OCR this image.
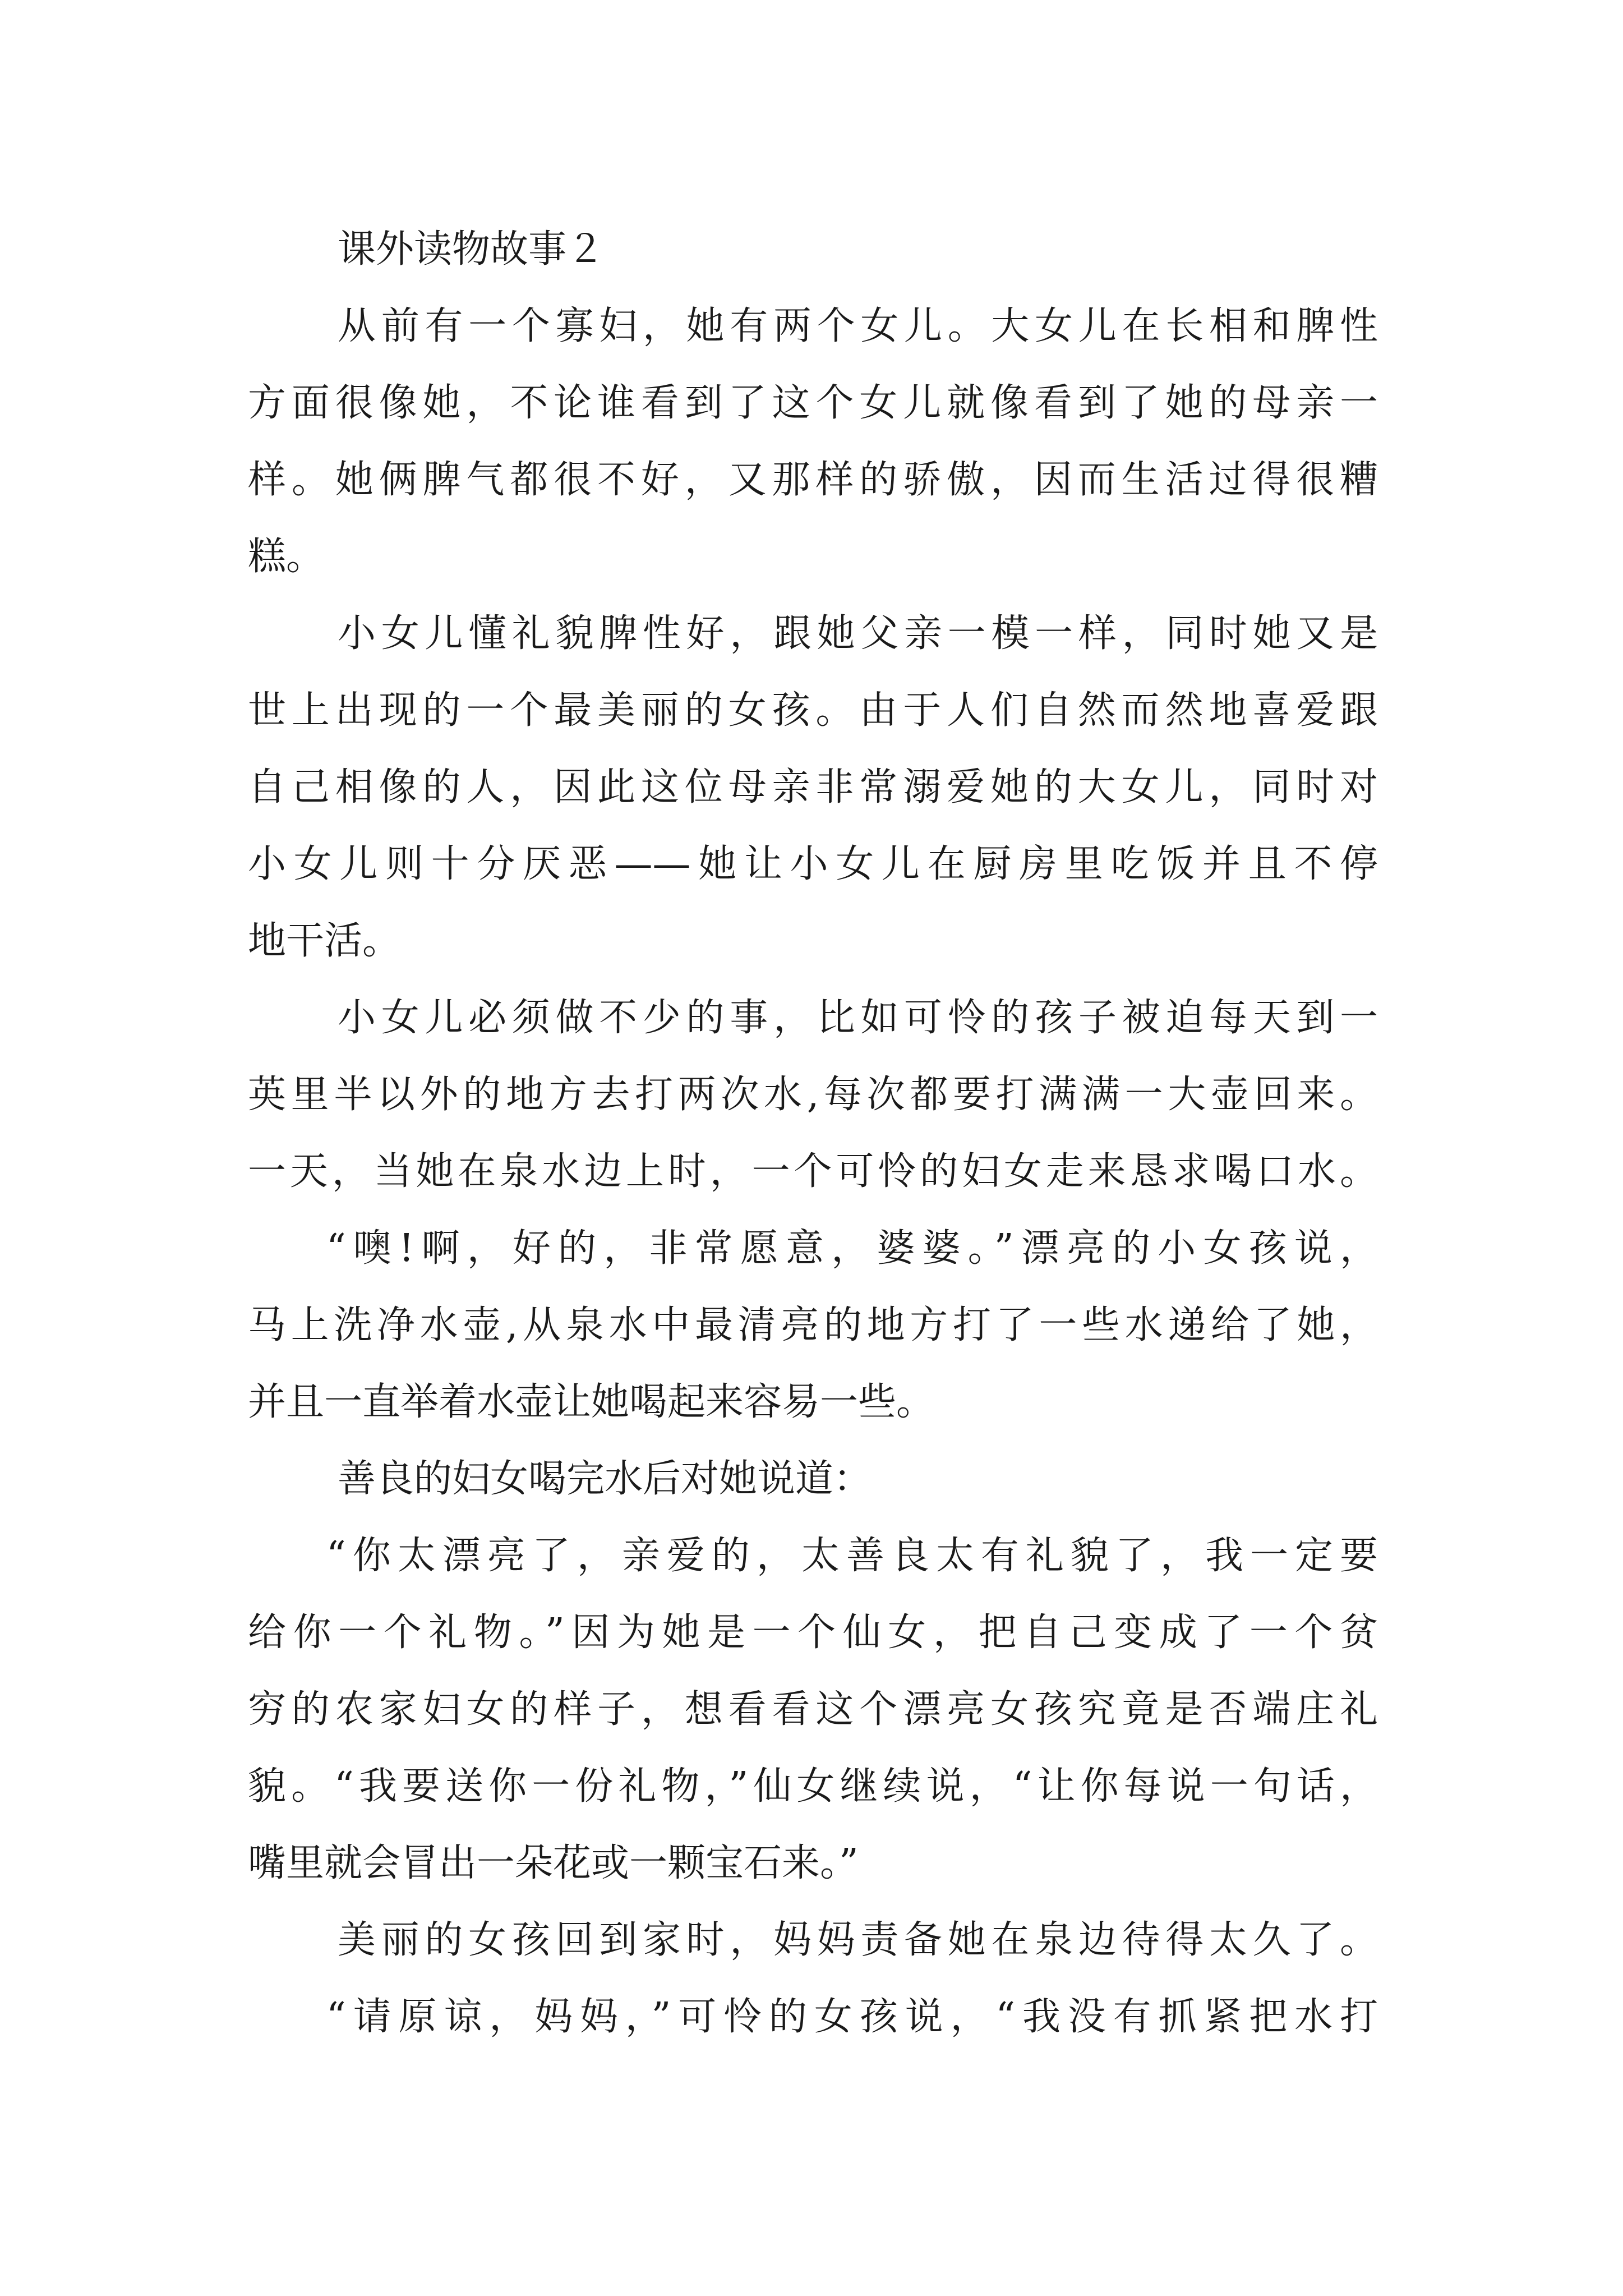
课外读物故事２
从前有一个寡妇，她有两个女儿。大女儿在长相和脾性
方面很像她，不论谁看到了这个女儿就像看到了她的母亲一
样。她俩脾气都很不好，又那样的骄傲，因而生活过得很糟
糕。
小女儿懂礼貌脾性好，跟她父亲一模一样，同时她又是
世上出现的一个最美丽的女孩。由于人们自然而然地喜爱跟
自己相像的人，因此这位母亲非常溺爱她的大女儿，同时对
小女儿则十分厌恶——她让小女儿在厨房里吃饭并且不停
地干活。
小女儿必须做不少的事，比如可怜的孩子被迫每天到一
英里半以外的地方去打两次水,每次都要打满满一大壶回来。
一天，当她在泉水边上时，一个可怜的妇女走来恳求喝口水。
“噢!啊，好的，非常愿意，婆婆。”漂亮的小女孩说，
马上洗净水壶,从泉水中最清亮的地方打了一些水递给了她，
并且一直举着水壶让她喝起来容易一些。
善良的妇女喝完水后对她说道：
“你太漂亮了，亲爱的，太善良太有礼貌了，我一定要
给你一个礼物。”因为她是一个仙女，把自己变成了一个贫
穷的农家妇女的样子，想看看这个漂亮女孩究竟是否端庄礼
貌。“我要送你一份礼物，”仙女继续说，“让你每说一句话，
嘴里就会冒出一朵花或一颗宝石来。”
美丽的女孩回到家时，妈妈责备她在泉边待得太久了。
“请原谅，妈妈，”可怜的女孩说，“我没有抓紧把水打
